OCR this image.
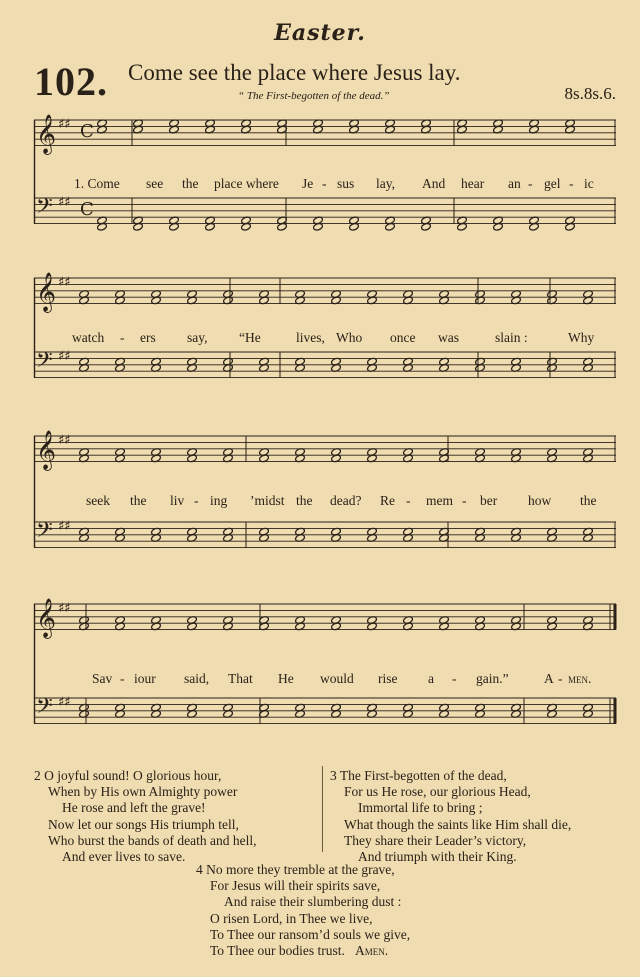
Easter.
102. Come see the place where Jesus lay.
“ The First-begotten of the dead.”	8s.8s.6.
𝄞 ♯♯ C
𝄢 ♯♯ C
1. Come see the place where Je - sus lay, And hear an - gel - ic
𝄞 ♯♯
𝄢 ♯♯
watch - ers say, “He	lives, Who once was	slain :	Why
𝄞 ♯♯
𝄢 ♯♯
seek the liv - ing ’midst the dead? Re - mem - ber how the
𝄞 ♯♯
𝄢 ♯♯
Sav - iour said, That He would rise a - gain.”	A - men.
2 O joyful sound! O glorious hour,
When by His own Almighty power
He rose and left the grave!
Now let our songs His triumph tell,
Who burst the bands of death and hell,
And ever lives to save.
3 The First-begotten of the dead,
For us He rose, our glorious Head,
Immortal life to bring ;
What though the saints like Him shall die,
They share their Leader’s victory,
And triumph with their King.
4 No more they tremble at the grave,
For Jesus will their spirits save,
And raise their slumbering dust :
O risen Lord, in Thee we live,
To Thee our ransom’d souls we give,
To Thee our bodies trust. Amen.
